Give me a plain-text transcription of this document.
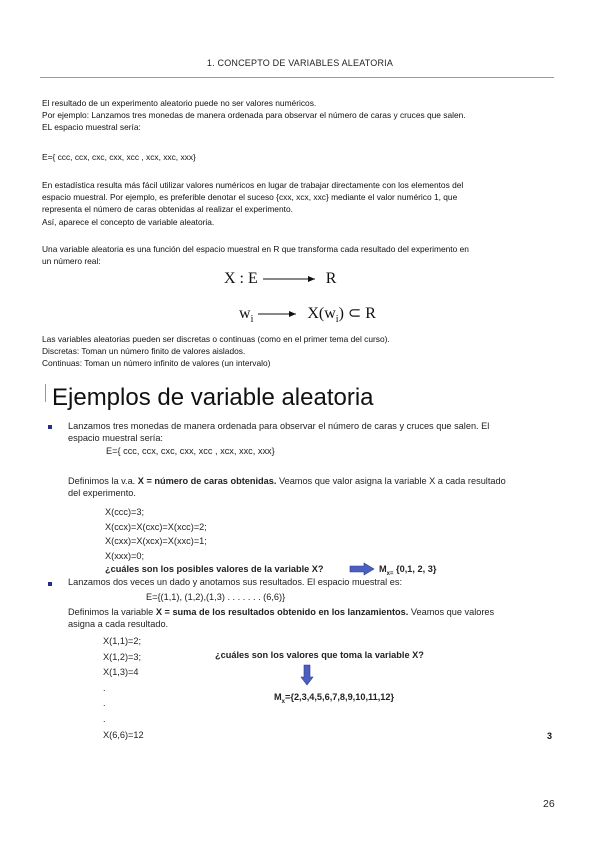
1. CONCEPTO DE VARIABLES ALEATORIA
El resultado de un experimento aleatorio puede no ser valores numéricos.
Por ejemplo: Lanzamos tres monedas de manera ordenada para observar el número de caras y cruces que salen.
EL espacio muestral sería:
E={ ccc, ccx, cxc, cxx, xcc , xcx, xxc, xxx}
En estadística resulta más fácil utilizar valores numéricos en lugar de trabajar directamente con los elementos del
espacio muestral. Por ejemplo, es preferible denotar el suceso {cxx, xcx, xxc} mediante el valor numérico 1, que
representa el número de caras obtenidas al realizar el experimento.
Así, aparece el concepto de variable aleatoria.
Una variable aleatoria es una función del espacio muestral en R que transforma cada resultado del experimento en
un número real:
X : E	R
$w_i$	$X(w_i)$ ⊂ R
Las variables aleatorias pueden ser discretas o continuas (como en el primer tema del curso).
Discretas: Toman un número finito de valores aislados.
Continuas: Toman un número infinito de valores (un intervalo)
Ejemplos de variable aleatoria
Lanzamos tres monedas de manera ordenada para observar el número de caras y cruces que salen. El
espacio muestral sería:
E={ ccc, ccx, cxc, cxx, xcc , xcx, xxc, xxx}
Definimos la v.a. X = número de caras obtenidas. Veamos que valor asigna la variable X a cada resultado
del experimento.
X(ccc)=3;
X(ccx)=X(cxc)=X(xcc)=2;
X(cxx)=X(xcx)=X(xxc)=1;
X(xxx)=0;
¿cuáles son los posibles valores de la variable X?	$M_{x=}$ {0,1, 2, 3}
Lanzamos dos veces un dado y anotamos sus resultados. El espacio muestral es:
E={(1,1), (1,2),(1,3) . . . . . . . (6,6)}
Definimos la variable X = suma de los resultados obtenido en los lanzamientos. Veamos que valores
asigna a cada resultado.
X(1,1)=2;
X(1,2)=3;
X(1,3)=4
.
.
.
X(6,6)=12
¿cuáles son los valores que toma la variable X?
$M_x=\{2,3,4,5,6,7,8,9,10,11,12\}$
3
26
